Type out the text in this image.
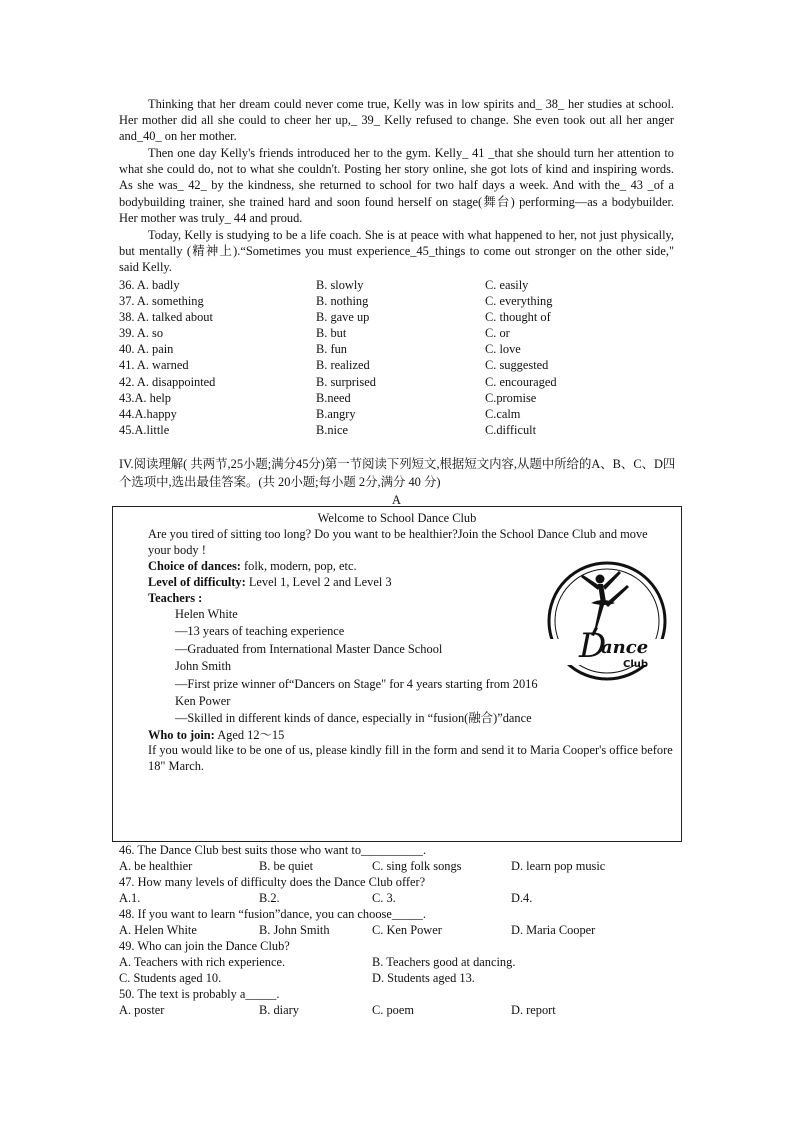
Thinking that her dream could never come true, Kelly was in low spirits and_ 38_ her studies at school. Her mother did all she could to cheer her up,_ 39_ Kelly refused to change. She even took out all her anger and_40_ on her mother.

Then one day Kelly's friends introduced her to the gym. Kelly_ 41 _that she should turn her attention to what she could do, not to what she couldn't. Posting her story online, she got lots of kind and inspiring words. As she was_ 42_ by the kindness, she returned to school for two half days a week. And with the_ 43 _of a bodybuilding trainer, she trained hard and soon found herself on stage(舞台) performing—as a bodybuilder. Her mother was truly_ 44 and proud.

Today, Kelly is studying to be a life coach. She is at peace with what happened to her, not just physically, but mentally (精神上).“Sometimes you must experience_45_things to come out stronger on the other side," said Kelly.

36. A. badly	B. slowly	C. easily
37. A. something	B. nothing	C. everything
38. A. talked about	B. gave up	C. thought of
39. A. so	B. but	C. or
40. A. pain	B. fun	C. love
41. A. warned	B. realized	C. suggested
42. A. disappointed	B. surprised	C. encouraged
43.A. help	B.need	C.promise
44.A.happy	B.angry	C.calm
45.A.little	B.nice	C.difficult

IV.阅读理解( 共两节,25小题;满分45分)第一节阅读下列短文,根据短文内容,从题中所给的A、B、C、D四个选项中,选出最佳答案。(共 20小题;每小题 2分,满分 40 分)

A
Welcome to School Dance Club
Are you tired of sitting too long? Do you want to be healthier?Join the School Dance Club and move your body !
Choice of dances: folk, modern, pop, etc.
Level of difficulty: Level 1, Level 2 and Level 3
Teachers :
Helen White
—13 years of teaching experience
—Graduated from International Master Dance School
John Smith
—First prize winner of“Dancers on Stage" for 4 years starting from 2016
Ken Power
—Skilled in different kinds of dance, especially in “fusion(融合)”dance
Who to join: Aged 12～15
If you would like to be one of us, please kindly fill in the form and send it to Maria Cooper's office before 18" March.
D
ance
Club
46. The Dance Club best suits those who want to__________.
A. be healthier	B. be quiet	C. sing folk songs	D. learn pop music
47. How many levels of difficulty does the Dance Club offer?
A.1.	B.2.	C. 3.	D.4.
48. If you want to learn “fusion”dance, you can choose_____.
A. Helen White	B. John Smith	C. Ken Power	D. Maria Cooper
49. Who can join the Dance Club?
A. Teachers with rich experience.	B. Teachers good at dancing.
C. Students aged 10.	D. Students aged 13.
50. The text is probably a_____.
A. poster	B. diary	C. poem	D. report
